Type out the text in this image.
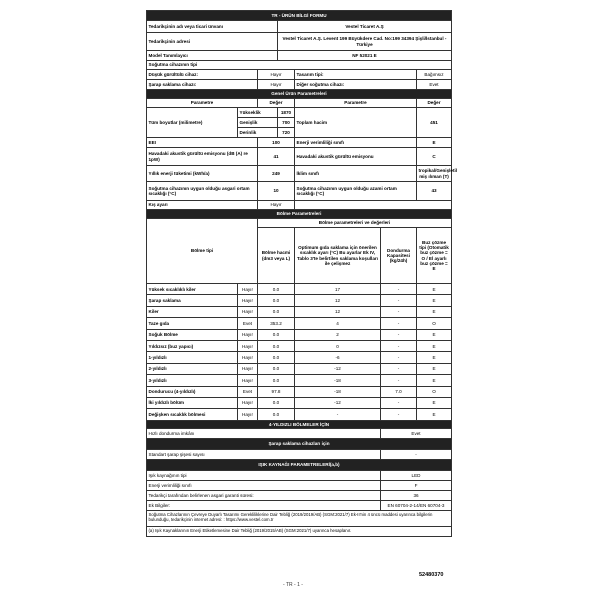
TR - ÜRÜN BİLGİ FORMU						
Tedarikçinin adı veya ticari ünvanı			Vestel Ticaret A.Ş			
Tedarikçinin adresi			Vestel Ticaret A.Ş. Levent 199 Büyükdere Cad. No:199 34394 Şişli/İstanbul - Türkiye			
Model Tanımlayıcı			NF 52021 E			
Soğutma cihazının tipi						
Düşük gürültülü cihaz:		Hayır		Tasarım tipi:		Bağımsız
Şarap saklama cihazı:		Hayır		Diğer soğutma cihazı:		Evet
Genel Ürün Parametreleri						
Parametre		Değer		Parametre		Değer
Tüm boyutlar (milimetre)	Yükseklik		1870	Toplam hacim		451
	Genişlik		700			
	Derinlik		720			
EEI		100		Enerji verimliliği sınıfı		E
Havadaki akustik gürültü emisyonu (dB (A) re 1pW)		41		Havadaki akustik gürültü emisyonu		C
Yıllık enerji tüketimi (kWh/a)		249		İklim sınıfı		tropikal/Genişletil miş ılıman (T)
Soğutma cihazının uygun olduğu asgari ortam sıcaklığı (°C)		10		Soğutma cihazının uygun olduğu azami ortam sıcaklığı (°C)		43
Kış ayarı		Hayır				
Bölme Parametreleri						
Bölme tipi		Bölme parametreleri ve değerleri				
		Bölme hacmi (dm3 veya L)		Optimum gıda saklama için önerilen sıcaklık ayarı (°C) Bu ayarlar Ek IV, Tablo 3'te belirtilen saklama koşulları ile çelişmez	Dondurma Kapasitesi (kg/24h)	Buz çözme tipi (Otomatik buz çözme = O / El ayarlı buz çözme = E
Yüksek sıcaklıklı kiler	Hayır	0.0		17	-	E
Şarap saklama	Hayır	0.0		12	-	E
Kiler	Hayır	0.0		12	-	E
Taze gıda	Evet	353.2		4	-	O
Soğuk Bölme	Hayır	0.0		2	-	E
Yıldızsız (buz yapıcı)	Hayır	0.0		0	-	E
1-yıldızlı	Hayır	0.0		-6	-	E
2-yıldızlı	Hayır	0.0		-12	-	E
3-yıldızlı	Hayır	0.0		-18	-	E
Dondurucu (4-yıldızlı)	Evet	97.8		-18	7.0	O
İki yıldızlı bölüm	Hayır	0.0		-12	-	E
Değişken sıcaklık bölmesi	Hayır	0.0		-	-	E
4-YILDIZLI BÖLMELER İÇİN						
Hızlı dondurma imkânı					Evet	
Şarap saklama cihazları için						
Standart şarap şişesi sayısı					-	
IŞIK KAYNAĞI PARAMETRELERİ(a,b)						
Işık kaynağının tipi					LED	
Enerji verimliliği sınıfı					F	
Tedarikçi tarafından belirlenen asgari garanti süresi:					36	
Ek Bilgiler:					EN 60704-2-14/EN 60704-3	
Soğutma Cihazlarının Çevreye Duyarlı Tasarımı Gerekliliklerine Dair Tebliğ (2019/2019/AB) (SGM:2021/7) Ek-II'nin 4 üncü maddesi uyarınca bilgilerin bulunduğu, tedarikçinin internet adresi: : https://www.vestel.com.tr						
(a) Işık Kaynaklarının Enerji Etiketlemesine Dair Tebliğ (2019/2015/AB) (SGM:2021/7) uyarınca hesaplanır.						
52480370
- TR - 1 -
